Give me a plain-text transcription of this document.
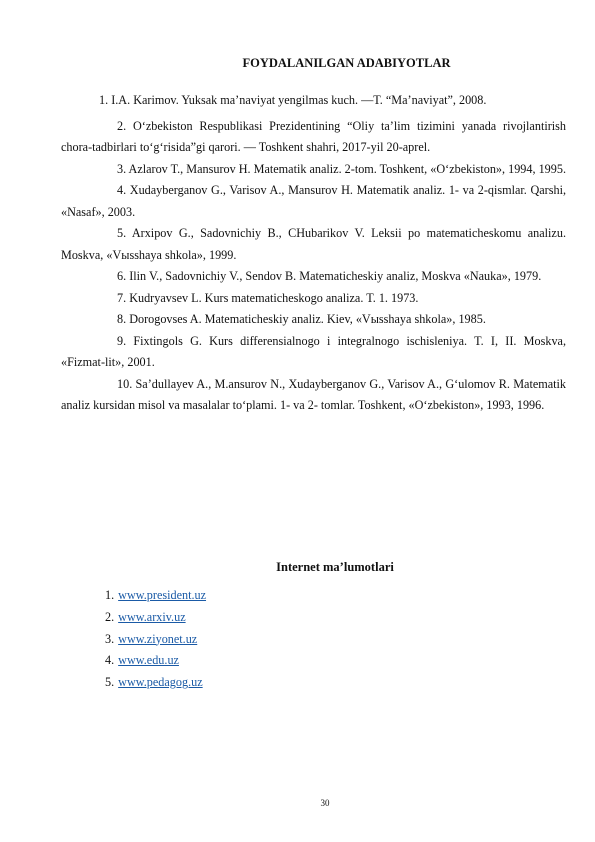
FOYDALANILGAN ADABIYOTLAR

1. I.A. Karimov. Yuksak ma’naviyat yengilmas kuch. —T. “Ma’naviyat”, 2008.

2. O‘zbekiston Respublikasi Prezidentining “Oliy ta’lim tizimini yanada rivojlantirish chora-tadbirlari to‘g‘risida”gi qarori. — Toshkent shahri, 2017-yil 20-aprel.

3. Azlarov T., Mansurov H. Matematik analiz. 2-tom. Toshkent, «O‘zbekiston», 1994, 1995.

4. Xudayberganov G., Varisov A., Mansurov H. Matematik analiz. 1- va 2-qismlar. Qarshi, «Nasaf», 2003.

5. Arxipov G., Sadovnichiy B., CHubarikov V. Leksii po matematicheskomu analizu. Moskva, «Vыsshaya shkola», 1999.

6. Ilin V., Sadovnichiy V., Sendov B. Matematicheskiy analiz, Moskva «Nauka», 1979.

7. Kudryavsev L. Kurs matematicheskogo analiza. T. 1. 1973.

8. Dorogovses A. Matematicheskiy analiz. Kiev, «Vыsshaya shkola», 1985.

9. Fixtingols G. Kurs differensialnogo i integralnogo ischisleniya. T. I, II. Moskva, «Fizmat-lit», 2001.

10. Sa’dullayev A., M.ansurov N., Xudayberganov G., Varisov A., G‘ulomov R. Matematik analiz kursidan misol va masalalar to‘plami. 1- va 2- tomlar. Toshkent, «O‘zbekiston», 1993, 1996.

Internet ma’lumotlari
1. www.president.uz
2. www.arxiv.uz
3. www.ziyonet.uz
4. www.edu.uz
5. www.pedagog.uz
30
